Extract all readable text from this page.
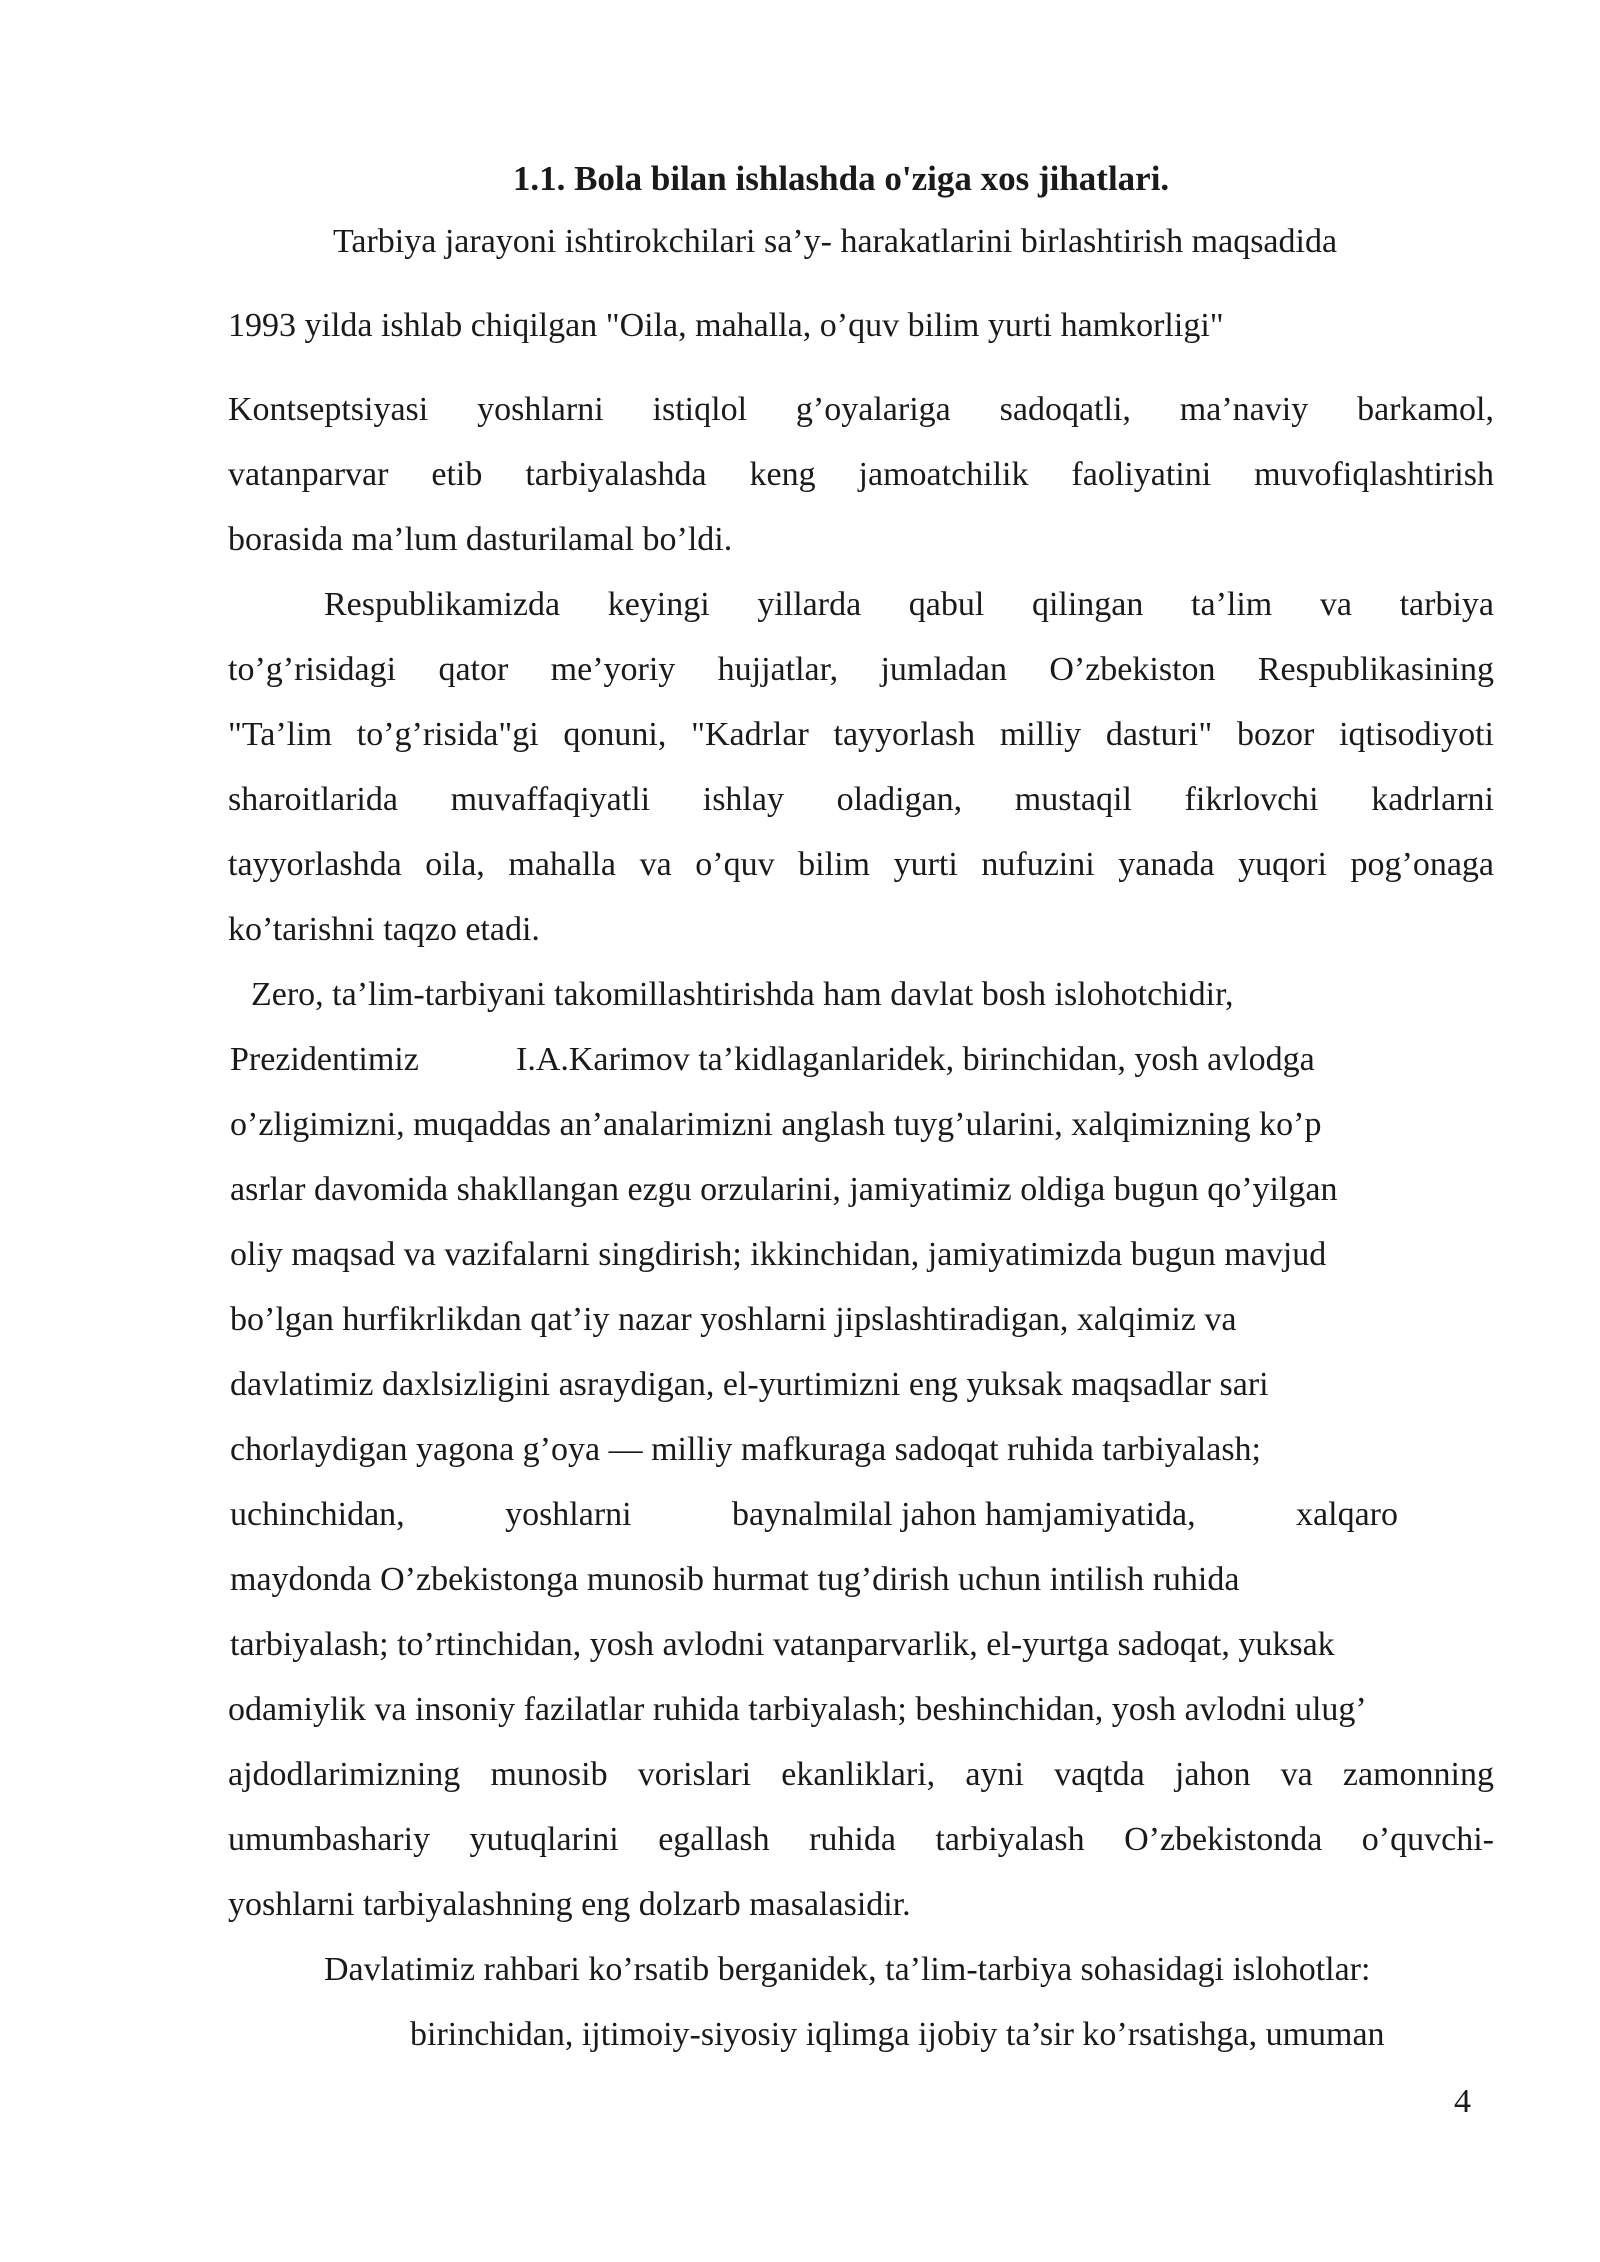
1.1. Bola bilan ishlashda o'ziga xos jihatlari.

Tarbiya jarayoni ishtirokchilari sa’y- harakatlarini birlashtirish maqsadida

1993 yilda ishlab chiqilgan "Oila, mahalla, o’quv bilim yurti hamkorligi"

Kontseptsiyasi yoshlarni istiqlol g’oyalariga sadoqatli, ma’naviy barkamol,

vatanparvar etib tarbiyalashda keng jamoatchilik faoliyatini muvofiqlashtirish

borasida ma’lum dasturilamal bo’ldi.

Respublikamizda keyingi yillarda qabul qilingan ta’lim va tarbiya

to’g’risidagi qator me’yoriy hujjatlar, jumladan O’zbekiston Respublikasining

"Ta’lim to’g’risida"gi qonuni, "Kadrlar tayyorlash milliy dasturi" bozor iqtisodiyoti

sharoitlarida muvaffaqiyatli ishlay oladigan, mustaqil fikrlovchi kadrlarni

tayyorlashda oila, mahalla va o’quv bilim yurti nufuzini yanada yuqori pog’onaga

ko’tarishni taqzo etadi.

Zero, ta’lim-tarbiyani takomillashtirishda ham davlat bosh islohotchidir,

Prezidentimiz	I.A.Karimov ta’kidlaganlaridek, birinchidan, yosh avlodga

o’zligimizni, muqaddas an’analarimizni anglash tuyg’ularini, xalqimizning ko’p

asrlar davomida shakllangan ezgu orzularini, jamiyatimiz oldiga bugun qo’yilgan

oliy maqsad va vazifalarni singdirish; ikkinchidan, jamiyatimizda bugun mavjud

bo’lgan hurfikrlikdan qat’iy nazar yoshlarni jipslashtiradigan, xalqimiz va

davlatimiz daxlsizligini asraydigan, el-yurtimizni eng yuksak maqsadlar sari

chorlaydigan yagona g’oya — milliy mafkuraga sadoqat ruhida tarbiyalash;

uchinchidan,	yoshlarni	baynalmilal jahon hamjamiyatida,	xalqaro

maydonda O’zbekistonga munosib hurmat tug’dirish uchun intilish ruhida

tarbiyalash; to’rtinchidan, yosh avlodni vatanparvarlik, el-yurtga sadoqat, yuksak

odamiylik va insoniy fazilatlar ruhida tarbiyalash; beshinchidan, yosh avlodni ulug’

ajdodlarimizning munosib vorislari ekanliklari, ayni vaqtda jahon va zamonning

umumbashariy yutuqlarini egallash ruhida tarbiyalash O’zbekistonda o’quvchi-

yoshlarni tarbiyalashning eng dolzarb masalasidir.

Davlatimiz rahbari ko’rsatib berganidek, ta’lim-tarbiya sohasidagi islohotlar:

birinchidan, ijtimoiy-siyosiy iqlimga ijobiy ta’sir ko’rsatishga, umuman

4
